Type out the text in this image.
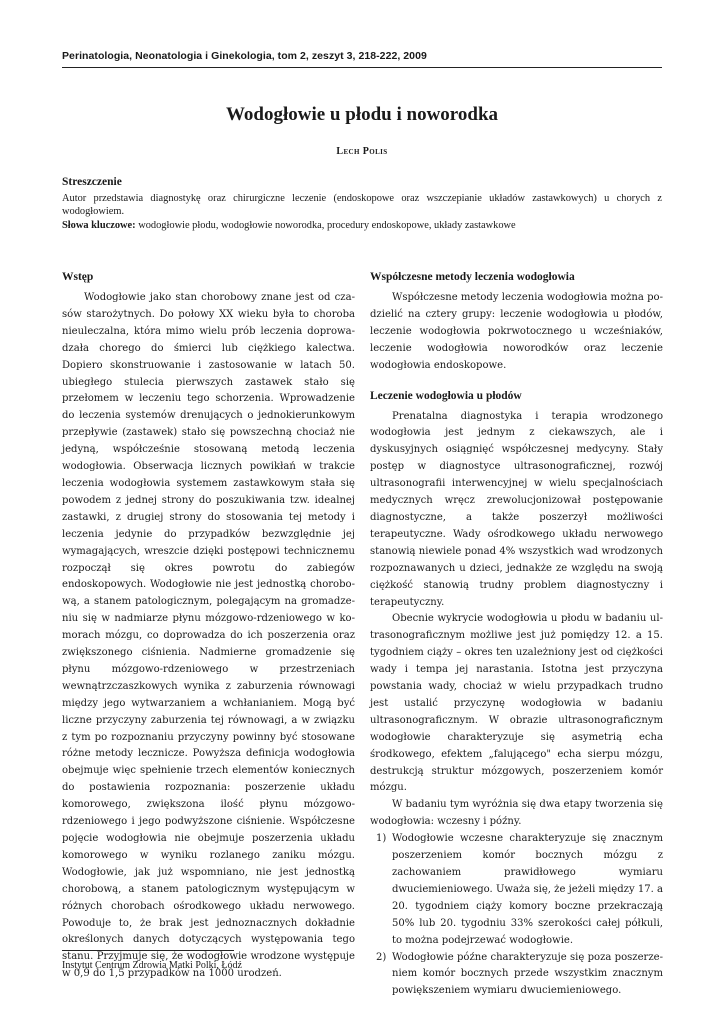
Perinatologia, Neonatologia i Ginekologia, tom 2, zeszyt 3, 218-222, 2009
Wodogłowie u płodu i noworodka
Lech Polis
Streszczenie

Autor przedstawia diagnostykę oraz chirurgiczne leczenie (endoskopowe oraz wszczepianie układów zastawkowych) u chorych z wodogłowiem.

Słowa kluczowe: wodogłowie płodu, wodogłowie noworodka, procedury endoskopowe, układy zastawkowe

Wstęp

Wodogłowie jako stan chorobowy znane jest od czasów starożytnych. Do połowy XX wieku była to choroba nieuleczalna, która mimo wielu prób leczenia doprowadzała chorego do śmierci lub ciężkiego kalectwa. Dopiero skonstruowanie i zastosowanie w latach 50. ubiegłego stulecia pierwszych zastawek stało się przełomem w leczeniu tego schorzenia. Wprowadzenie do leczenia systemów drenujących o jednokierunkowym przepływie (zastawek) stało się powszechną chociaż nie jedyną, współcześnie stosowaną metodą leczenia wodogłowia. Obserwacja licznych powikłań w trakcie leczenia wodogłowia systemem zastawkowym stała się powodem z jednej strony do poszukiwania tzw. idealnej zastawki, z drugiej strony do stosowania tej metody i leczenia jedynie do przypadków bezwzględnie jej wymagających, wreszcie dzięki postępowi technicznemu rozpoczął się okres powrotu do zabiegów endoskopowych. Wodogłowie nie jest jednostką chorobową, a stanem patologicznym, polegającym na gromadzeniu się w nadmiarze płynu mózgowo-rdzeniowego w komorach mózgu, co doprowadza do ich poszerzenia oraz zwiększonego ciśnienia. Nadmierne gromadzenie się płynu mózgowo-rdzeniowego w przestrzeniach wewnątrzczaszkowych wynika z zaburzenia równowagi między jego wytwarzaniem a wchłanianiem. Mogą być liczne przyczyny zaburzenia tej równowagi, a w związku z tym po rozpoznaniu przyczyny powinny być stosowane różne metody lecznicze. Powyższa definicja wodogłowia obejmuje więc spełnienie trzech elementów koniecznych do postawienia rozpoznania: poszerzenie układu komorowego, zwiększona ilość płynu mózgowo-rdzeniowego i jego podwyższone ciśnienie. Współczesne pojęcie wodogłowia nie obejmuje poszerzenia układu komorowego w wyniku rozlanego zaniku mózgu. Wodogłowie, jak już wspomniano, nie jest jednostką chorobową, a stanem patologicznym występującym w różnych chorobach ośrodkowego układu nerwowego. Powoduje to, że brak jest jednoznacznych dokładnie określonych danych dotyczących występowania tego stanu. Przyjmuje się, że wodogłowie wrodzone występuje w 0,9 do 1,5 przypadków na 1000 urodzeń.

Współczesne metody leczenia wodogłowia

Współczesne metody leczenia wodogłowia można podzielić na cztery grupy: leczenie wodogłowia u płodów, leczenie wodogłowia pokrwotocznego u wcześniaków, leczenie wodogłowia noworodków oraz leczenie wodogłowia endoskopowe.

Leczenie wodogłowia u płodów

Prenatalna diagnostyka i terapia wrodzonego wodogłowia jest jednym z ciekawszych, ale i dyskusyjnych osiągnięć współczesnej medycyny. Stały postęp w diagnostyce ultrasonograficznej, rozwój ultrasonografii interwencyjnej w wielu specjalnościach medycznych wręcz zrewolucjonizował postępowanie diagnostyczne, a także poszerzył możliwości terapeutyczne. Wady ośrodkowego układu nerwowego stanowią niewiele ponad 4% wszystkich wad wrodzonych rozpoznawanych u dzieci, jednakże ze względu na swoją ciężkość stanowią trudny problem diagnostyczny i terapeutyczny.

Obecnie wykrycie wodogłowia u płodu w badaniu ultrasonograficznym możliwe jest już pomiędzy 12. a 15. tygodniem ciąży – okres ten uzależniony jest od ciężkości wady i tempa jej narastania. Istotna jest przyczyna powstania wady, chociaż w wielu przypadkach trudno jest ustalić przyczynę wodogłowia w badaniu ultrasonograficznym. W obrazie ultrasonograficznym wodogłowie charakteryzuje się asymetrią echa środkowego, efektem „falującego" echa sierpu mózgu, destrukcją struktur mózgowych, poszerzeniem komór mózgu.

W badaniu tym wyróżnia się dwa etapy tworzenia się wodogłowia: wczesny i późny.

1) Wodogłowie wczesne charakteryzuje się znacznym poszerzeniem komór bocznych mózgu z zachowaniem prawidłowego wymiaru dwuciemieniowego. Uważa się, że jeżeli między 17. a 20. tygodniem ciąży komory boczne przekraczają 50% lub 20. tygodniu 33% szerokości całej półkuli, to można podejrzewać wodogłowie.
2) Wodogłowie późne charakteryzuje się poza poszerzeniem komór bocznych przede wszystkim znacznym powiększeniem wymiaru dwuciemieniowego.
Instytut Centrum Zdrowia Matki Polki, Łódź
